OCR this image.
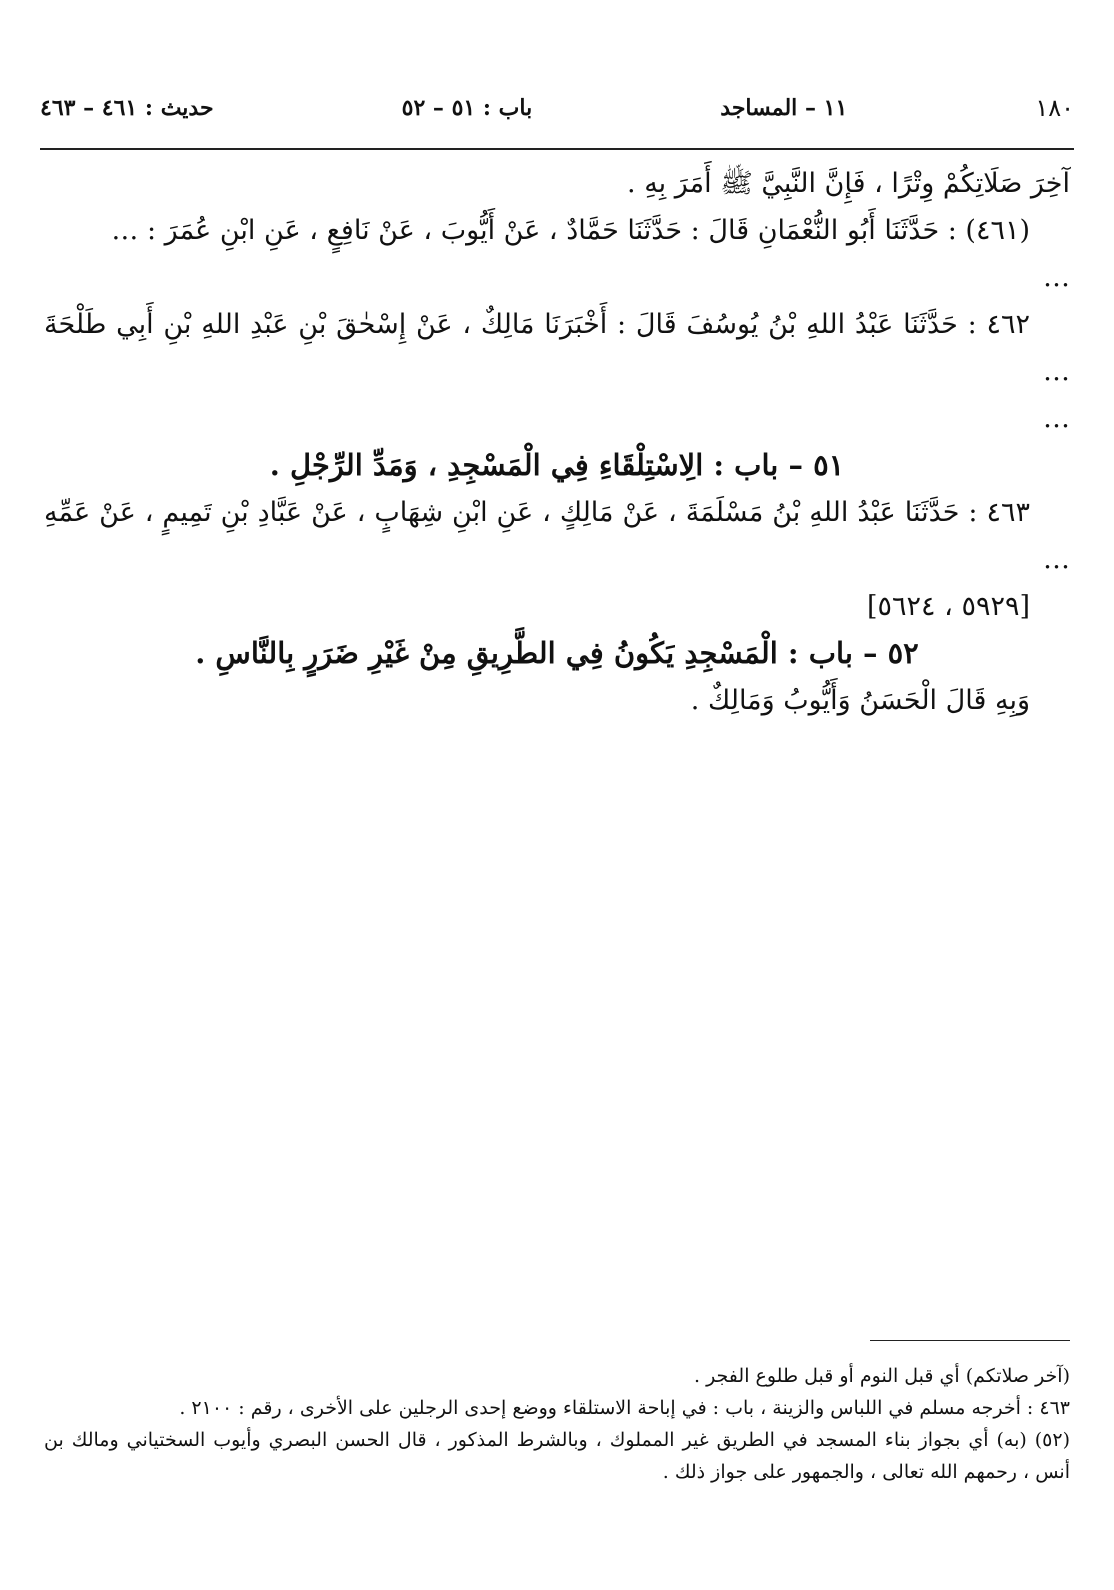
١٨٠
١١ – المساجد
باب : ٥١ – ٥٢
حديث : ٤٦١ – ٤٦٣

آخِرَ صَلَاتِكُمْ وِتْرًا ، فَإِنَّ النَّبِيَّ ﷺ أَمَرَ بِهِ .

(٤٦١) : حَدَّثَنَا أَبُو النُّعْمَانِ قَالَ : حَدَّثَنَا حَمَّادٌ ، عَنْ أَيُّوبَ ، عَنْ نَافِعٍ ، عَنِ ابْنِ عُمَرَ : …

…

٤٦٢ : حَدَّثَنَا عَبْدُ اللهِ بْنُ يُوسُفَ قَالَ : أَخْبَرَنَا مَالِكٌ ، عَنْ إِسْحٰقَ بْنِ عَبْدِ اللهِ بْنِ أَبِي طَلْحَةَ …

…

٥١ – باب : الِاسْتِلْقَاءِ فِي الْمَسْجِدِ ، وَمَدِّ الرِّجْلِ .

٤٦٣ : حَدَّثَنَا عَبْدُ اللهِ بْنُ مَسْلَمَةَ ، عَنْ مَالِكٍ ، عَنِ ابْنِ شِهَابٍ ، عَنْ عَبَّادِ بْنِ تَمِيمٍ ، عَنْ عَمِّهِ …

[٥٩٢٩ ، ٥٦٢٤]

٥٢ – باب : الْمَسْجِدِ يَكُونُ فِي الطَّرِيقِ مِنْ غَيْرِ ضَرَرٍ بِالنَّاسِ .

وَبِهِ قَالَ الْحَسَنُ وَأَيُّوبُ وَمَالِكٌ .

(آخر صلاتكم) أي قبل النوم أو قبل طلوع الفجر .

٤٦٣ : أخرجه مسلم في اللباس والزينة ، باب : في إباحة الاستلقاء ووضع إحدى الرجلين على الأخرى ، رقم : ٢١٠٠ .

(٥٢) (به) أي بجواز بناء المسجد في الطريق غير المملوك ، وبالشرط المذكور ، قال الحسن البصري وأيوب السختياني ومالك بن أنس ، رحمهم الله تعالى ، والجمهور على جواز ذلك .
